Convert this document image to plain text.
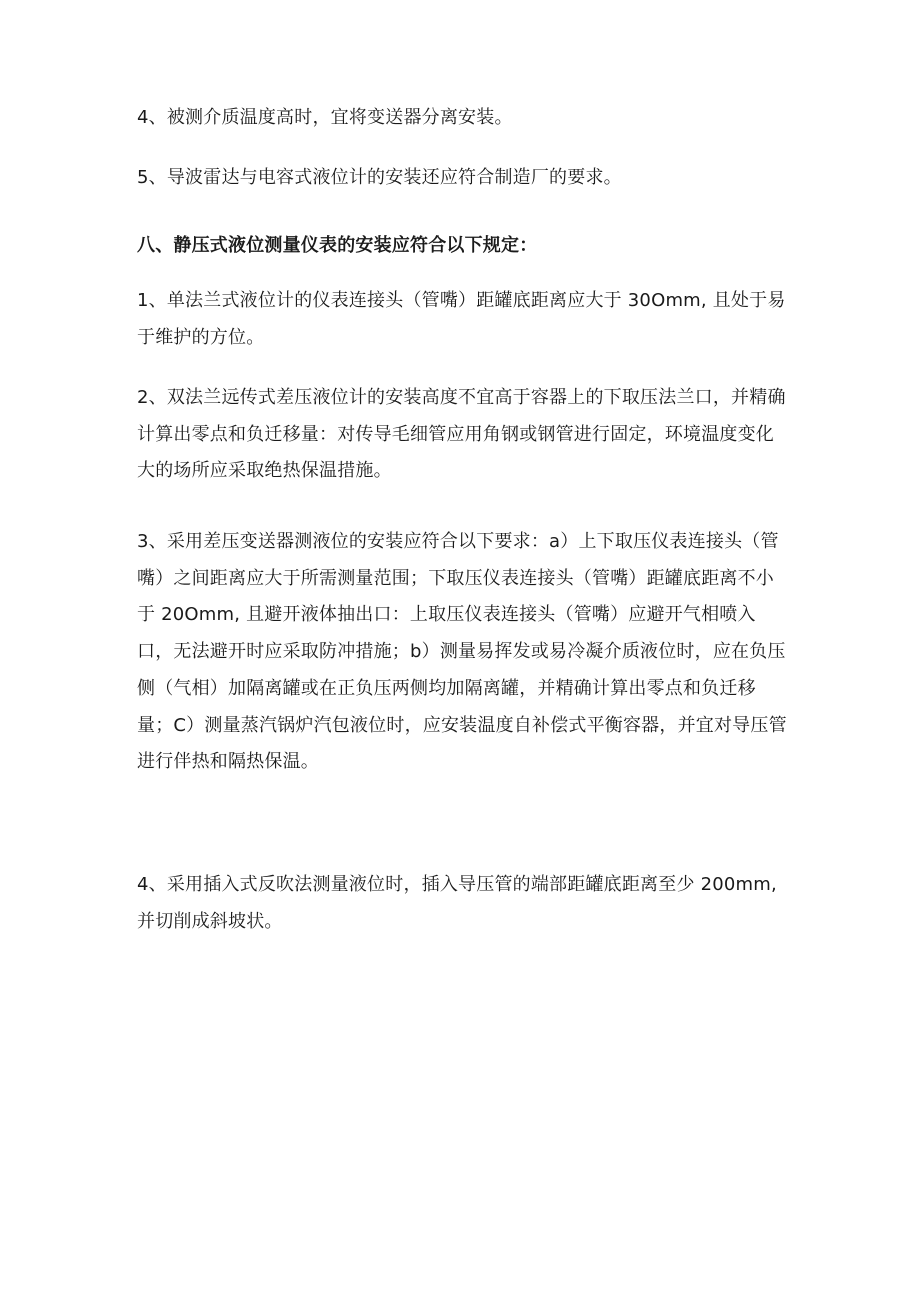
4、被测介质温度高时，宜将变送器分离安装。

5、导波雷达与电容式液位计的安装还应符合制造厂的要求。

八、静压式液位测量仪表的安装应符合以下规定：

1、单法兰式液位计的仪表连接头（管嘴）距罐底距离应大于 30Omm, 且处于易于维护的方位。

2、双法兰远传式差压液位计的安装高度不宜高于容器上的下取压法兰口，并精确计算出零点和负迁移量：对传导毛细管应用角钢或钢管进行固定，环境温度变化大的场所应采取绝热保温措施。

3、采用差压变送器测液位的安装应符合以下要求：a）上下取压仪表连接头（管嘴）之间距离应大于所需测量范围；下取压仪表连接头（管嘴）距罐底距离不小于 20Omm, 且避开液体抽出口：上取压仪表连接头（管嘴）应避开气相喷入口，无法避开时应采取防冲措施；b）测量易挥发或易冷凝介质液位时，应在负压侧（气相）加隔离罐或在正负压两侧均加隔离罐，并精确计算出零点和负迁移量；C）测量蒸汽锅炉汽包液位时，应安装温度自补偿式平衡容器，并宜对导压管进行伴热和隔热保温。

4、采用插入式反吹法测量液位时，插入导压管的端部距罐底距离至少 200mm, 并切削成斜坡状。
